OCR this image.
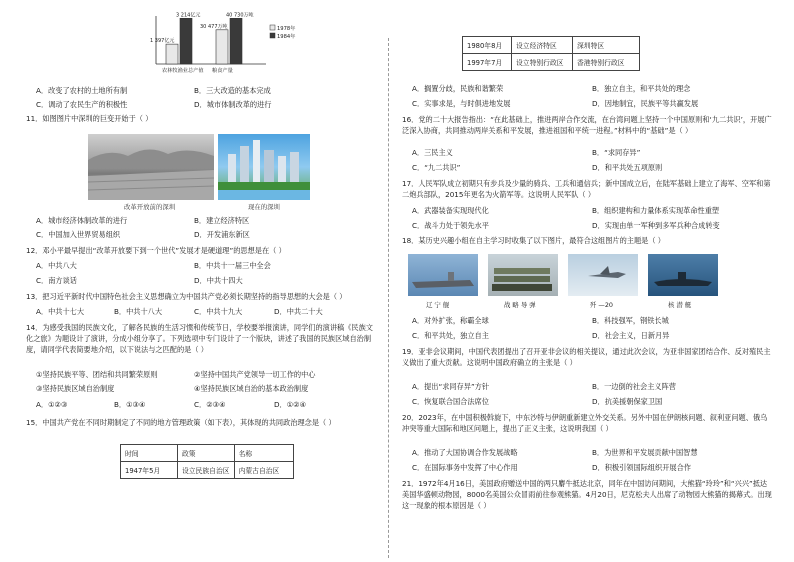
1 397亿元
3 214亿元
农林牧渔业总产值
30 477万吨
40 730万吨
粮食产量
1978年
1984年
A．改变了农村的土地所有制	B．三大改造的基本完成
C．调动了农民生产的积极性	D．城市体制改革的进行
11．如图图片中深圳的巨变开始于（ ）
改革开放前的深圳	现在的深圳
A．城市经济体制改革的进行	B．建立经济特区
C．中国加入世界贸易组织	D．开发浦东新区
12．邓小平最早提出“改革开放要下到一个世代”发展才是硬道理”的思想是在（ ）
A．中共八大	B．中共十一届三中全会
C．南方谈话	D．中共十四大
13．把习近平新时代中国特色社会主义思想确立为中国共产党必须长期坚持的指导思想的大会是（ ）
A．中共十七大	B．中共十八大	C．中共十九大	D．中共二十大
14．为感受我国的民族文化，了解各民族的生活习惯和传统节日，学校要举报演讲，同学们的演讲稿《民族文化之旅》为题设计了演讲，分成小组分享了。下列选项中专门设计了一个版块，讲述了我国的民族区域自治制度，请同学代表简要地介绍，以下说法与之匹配的是（ ）
①坚持民族平等、团结和共同繁荣原则	②坚持中国共产党领导一切工作的中心
③坚持民族区域自治制度	④坚持民族区域自治的基本政治制度
A．①②③	B．①③④	C．②③④	D．①②④
15．中国共产党在不同时期制定了不同的地方管理政策（如下表），其体现的共同政治理念是（ ）
时间	政策	名称
1947年5月	设立民族自治区	内蒙古自治区
1980年8月	设立经济特区	深圳特区
1997年7月	设立特别行政区	香港特别行政区
A．搁置分歧，民族和谐繁荣	B．独立自主，和平共处的理念
C．实事求是，与时俱进地发展	D．因地制宜，民族平等共赢发展
16．党的二十大报告指出：“在此基础上，推进两岸合作交流，在台湾问题上坚持一个中国原则和‘九二共识’，开展广泛深入协商，共同推动两岸关系和平发展，推进祖国和平统一进程。”材料中的“基础”是（ ）
A．三民主义	B．“求同存异”
C．“九二共识”	D．和平共处五项原则
17．人民军队成立初期只有步兵及少量的骑兵、工兵和通信兵；新中国成立后，在陆军基础上建立了海军、空军和第二炮兵部队，2015年更名为火箭军等。这说明人民军队（ ）
A．武器装备实现现代化	B．组织建构和力量体系实现革命性重塑
C．战斗力处于领先水平	D．实现由单一军种到多军兵种合成转变
18．某历史兴趣小组在自主学习时收集了以下图片，最符合这组图片的主题是（ ）
辽 宁 舰	战 略 导 弹	歼 —20	核 潜 艇
A．对外扩张，称霸全球	B．科技强军，钢铁长城
C．和平共处，独立自主	D．社会主义，日新月异
19．亚非会议期间，中国代表团提出了召开亚非会议的相关提议，通过此次会议，为亚非国家团结合作、反对殖民主义做出了重大贡献。这说明中国政府确立的主张是（ ）
A．提出“求同存异”方针	B．一边倒的社会主义阵营
C．恢复联合国合法席位	D．抗美援朝保家卫国
20．2023年，在中国积极斡旋下，中东沙特与伊朗重新建立外交关系。另外中国在伊朗核问题、叙利亚问题、俄乌冲突等重大国际和地区问题上，提出了正义主张，这说明我国（ ）
A．推动了大国协调合作发展战略	B．为世界和平发展贡献中国智慧
C．在国际事务中发挥了中心作用	D．积极引领国际组织开展合作
21．1972年4月16日，美国政府赠送中国的两只麝牛抵达北京，同年在中国访问期间，大熊猫“玲玲”和“兴兴”抵达美国华盛顿动物园，8000名美国公众冒雨前往参观熊猫。4月20日，尼克松夫人出席了动物园大熊猫的揭幕式。出现这一现象的根本原因是（ ）
